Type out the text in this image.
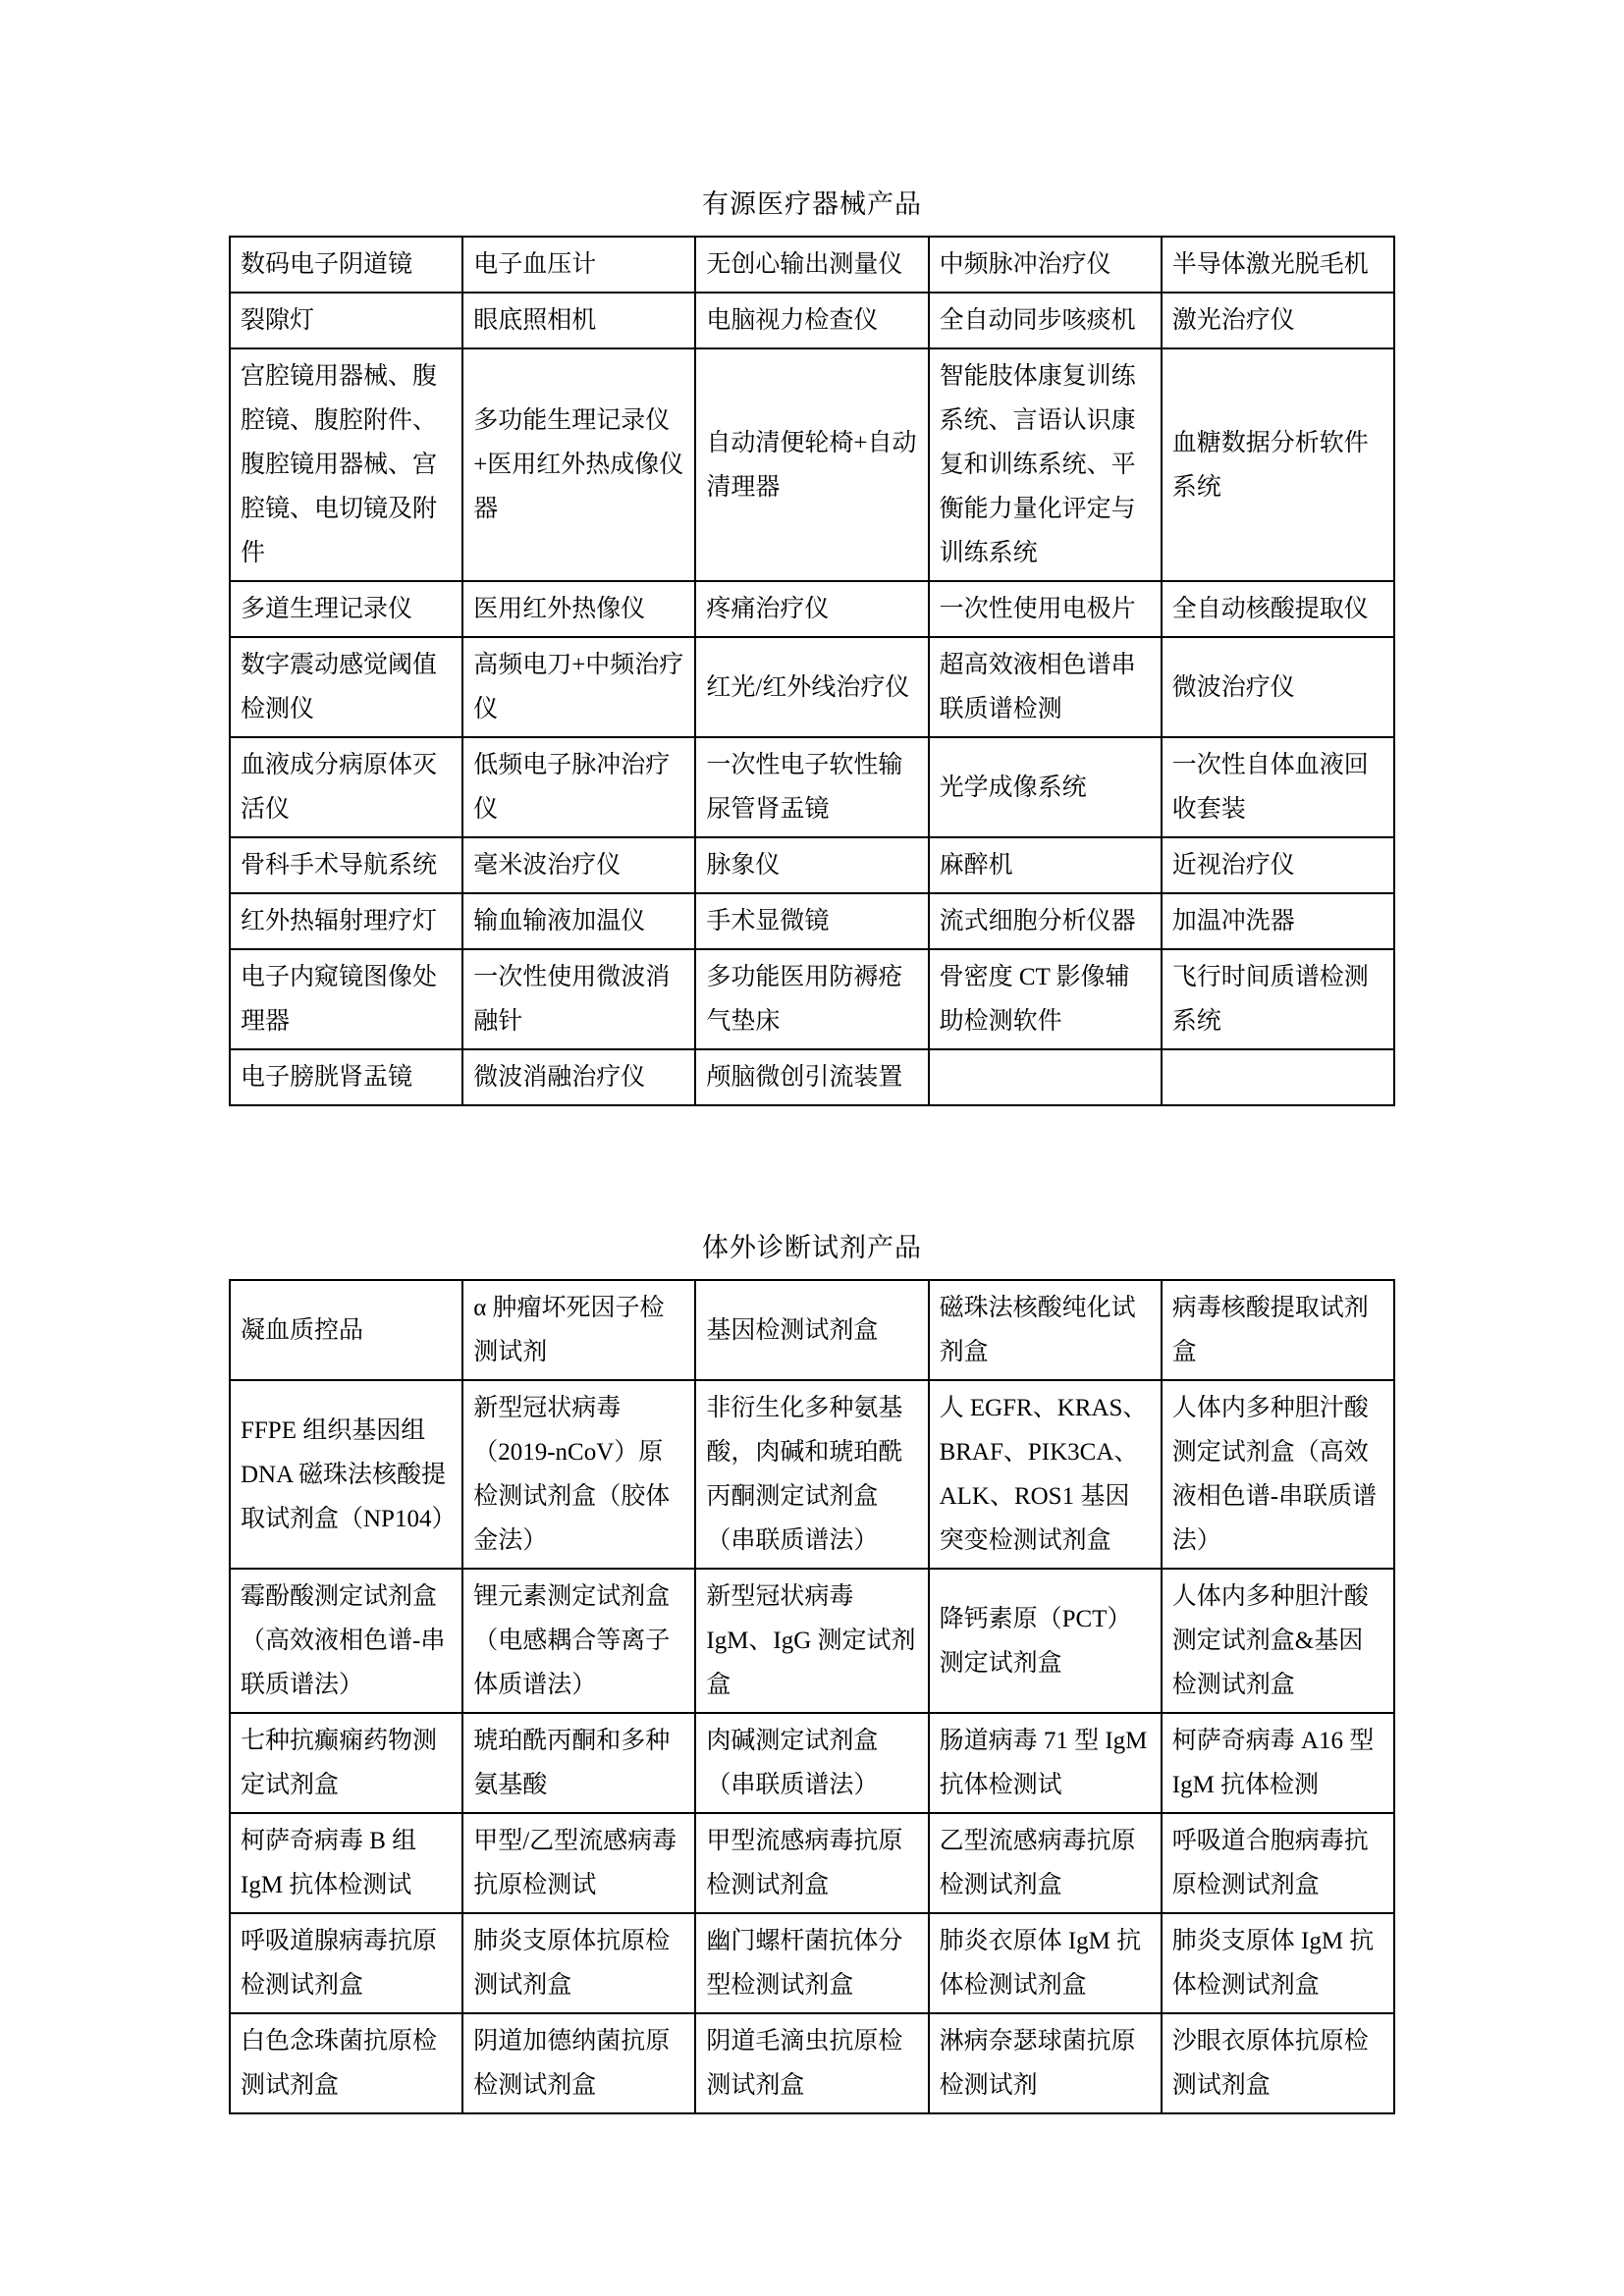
有源医疗器械产品
数码电子阴道镜	电子血压计	无创心输出测量仪	中频脉冲治疗仪	半导体激光脱毛机
裂隙灯	眼底照相机	电脑视力检查仪	全自动同步咳痰机	激光治疗仪
宫腔镜用器械、腹腔镜、腹腔附件、腹腔镜用器械、宫腔镜、电切镜及附件	多功能生理记录仪+医用红外热成像仪器	自动清便轮椅+自动清理器	智能肢体康复训练系统、言语认识康复和训练系统、平衡能力量化评定与训练系统	血糖数据分析软件系统
多道生理记录仪	医用红外热像仪	疼痛治疗仪	一次性使用电极片	全自动核酸提取仪
数字震动感觉阈值检测仪	高频电刀+中频治疗仪	红光/红外线治疗仪	超高效液相色谱串联质谱检测	微波治疗仪
血液成分病原体灭活仪	低频电子脉冲治疗仪	一次性电子软性输尿管肾盂镜	光学成像系统	一次性自体血液回收套装
骨科手术导航系统	毫米波治疗仪	脉象仪	麻醉机	近视治疗仪
红外热辐射理疗灯	输血输液加温仪	手术显微镜	流式细胞分析仪器	加温冲洗器
电子内窥镜图像处理器	一次性使用微波消融针	多功能医用防褥疮气垫床	骨密度 CT 影像辅助检测软件	飞行时间质谱检测系统
电子膀胱肾盂镜	微波消融治疗仪	颅脑微创引流装置		
体外诊断试剂产品
凝血质控品	α 肿瘤坏死因子检测试剂	基因检测试剂盒	磁珠法核酸纯化试剂盒	病毒核酸提取试剂盒
FFPE 组织基因组 DNA 磁珠法核酸提取试剂盒（NP104）	新型冠状病毒（2019-nCoV）原检测试剂盒（胶体金法）	非衍生化多种氨基酸，肉碱和琥珀酰丙酮测定试剂盒（串联质谱法）	人 EGFR、KRAS、BRAF、PIK3CA、ALK、ROS1 基因突变检测试剂盒	人体内多种胆汁酸测定试剂盒（高效液相色谱-串联质谱法）
霉酚酸测定试剂盒（高效液相色谱-串联质谱法）	锂元素测定试剂盒（电感耦合等离子体质谱法）	新型冠状病毒 IgM、IgG 测定试剂盒	降钙素原（PCT）测定试剂盒	人体内多种胆汁酸测定试剂盒&基因检测试剂盒
七种抗癫痫药物测定试剂盒	琥珀酰丙酮和多种氨基酸	肉碱测定试剂盒（串联质谱法）	肠道病毒 71 型 IgM 抗体检测试	柯萨奇病毒 A16 型 IgM 抗体检测
柯萨奇病毒 B 组 IgM 抗体检测试	甲型/乙型流感病毒抗原检测试	甲型流感病毒抗原检测试剂盒	乙型流感病毒抗原检测试剂盒	呼吸道合胞病毒抗原检测试剂盒
呼吸道腺病毒抗原检测试剂盒	肺炎支原体抗原检测试剂盒	幽门螺杆菌抗体分型检测试剂盒	肺炎衣原体 IgM 抗体检测试剂盒	肺炎支原体 IgM 抗体检测试剂盒
白色念珠菌抗原检测试剂盒	阴道加德纳菌抗原检测试剂盒	阴道毛滴虫抗原检测试剂盒	淋病奈瑟球菌抗原检测试剂	沙眼衣原体抗原检测试剂盒
